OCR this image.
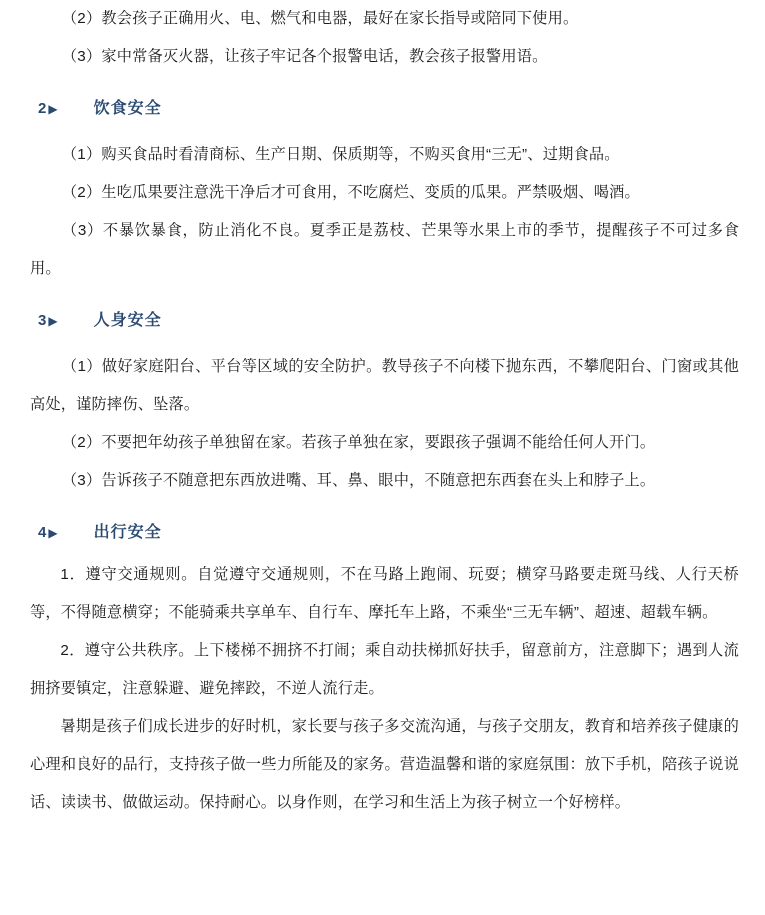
（2）教会孩子正确用火、电、燃气和电器，最好在家长指导或陪同下使用。

（3）家中常备灭火器，让孩子牢记各个报警电话，教会孩子报警用语。

2 ▶ 饮食安全

（1）购买食品时看清商标、生产日期、保质期等，不购买食用“三无”、过期食品。

（2）生吃瓜果要注意洗干净后才可食用，不吃腐烂、变质的瓜果。严禁吸烟、喝酒。

（3）不暴饮暴食，防止消化不良。夏季正是荔枝、芒果等水果上市的季节，提醒孩子不可过多食用。

3 ▶ 人身安全

（1）做好家庭阳台、平台等区域的安全防护。教导孩子不向楼下抛东西，不攀爬阳台、门窗或其他高处，谨防摔伤、坠落。

（2）不要把年幼孩子单独留在家。若孩子单独在家，要跟孩子强调不能给任何人开门。

（3）告诉孩子不随意把东西放进嘴、耳、鼻、眼中，不随意把东西套在头上和脖子上。

4 ▶ 出行安全

1．遵守交通规则。自觉遵守交通规则，不在马路上跑闹、玩耍；横穿马路要走斑马线、人行天桥等，不得随意横穿；不能骑乘共享单车、自行车、摩托车上路，不乘坐“三无车辆”、超速、超载车辆。

2．遵守公共秩序。上下楼梯不拥挤不打闹；乘自动扶梯抓好扶手，留意前方，注意脚下；遇到人流拥挤要镇定，注意躲避、避免摔跤，不逆人流行走。

暑期是孩子们成长进步的好时机，家长要与孩子多交流沟通，与孩子交朋友，教育和培养孩子健康的心理和良好的品行，支持孩子做一些力所能及的家务。营造温馨和谐的家庭氛围：放下手机，陪孩子说说话、读读书、做做运动。保持耐心。以身作则，在学习和生活上为孩子树立一个好榜样。
